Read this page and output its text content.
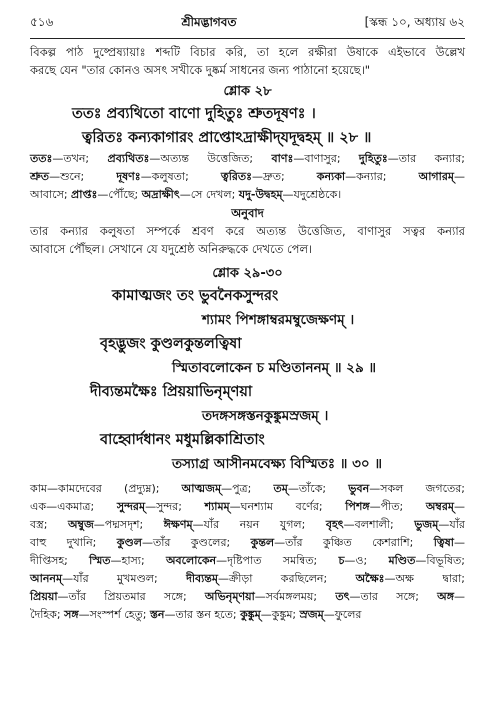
৫১৬	শ্রীমদ্ভাগবত	[স্কন্ধ ১০, অধ্যায় ৬২

বিকল্প পাঠ দুষ্প্রেষ্যায়াঃ শব্দটি বিচার করি, তা হলে রক্ষীরা উষাকে এইভাবে উল্লেখ

করছে যেন "তার কোনও অসৎ সখীকে দুষ্কর্ম সাধনের জন্য পাঠানো হয়েছে।"

শ্লোক ২৮

ততঃ প্রব্যথিতো বাণো দুহিতুঃ শ্রুতদূষণঃ ।

ত্বরিতঃ কন্যকাগারং প্রাপ্তোঽদ্রাক্ষীদ্‌যদূদ্বহম্‌ ॥ ২৮ ॥

ততঃ—তখন; প্রব্যথিতঃ—অত্যন্ত উত্তেজিত; বাণঃ—বাণাসুর; দুহিতুঃ—তার কন্যার;

শ্রুত—শুনে; দূষণঃ—কলুষতা; ত্বরিতঃ—দ্রুত; কন্যকা—কন্যার; আগারম্‌—

আবাসে; প্রাপ্তঃ—পৌঁছে; অদ্রাক্ষীৎ—সে দেখল; যদু-উদ্বহম্‌—যদুশ্রেষ্ঠকে।

অনুবাদ

তার কন্যার কলুষতা সম্পর্কে শ্রবণ করে অত্যন্ত উত্তেজিত, বাণাসুর সত্বর কন্যার

আবাসে পৌঁছল। সেখানে যে যদুশ্রেষ্ঠ অনিরুদ্ধকে দেখতে পেল।

শ্লোক ২৯-৩০

কামাত্মজং তং ভুবনৈকসুন্দরং

শ্যামং পিশঙ্গাম্বরমম্বুজেক্ষণম্‌ ।

বৃহদ্ভুজং কুণ্ডলকুন্তলত্বিষা

স্মিতাবলোকেন চ মণ্ডিতাননম্‌ ॥ ২৯ ॥

দীব্যন্তমক্ষৈঃ প্রিয়য়াভিনৃম্‌ণয়া

তদঙ্গসঙ্গস্তনকুঙ্কুমস্রজম্‌ ।

বাহ্বোর্দধানং মধুমল্লিকাশ্রিতাং

তস্যাগ্র আসীনমবেক্ষ্য বিস্মিতঃ ॥ ৩০ ॥

কাম—কামদেবের (প্রদ্যুম্ন); আত্মজম্‌—পুত্র; তম্‌—তাঁকে; ভুবন—সকল জগতের;

এক—একমাত্র; সুন্দরম্‌—সুন্দর; শ্যামম্‌—ঘনশ্যাম বর্ণের; পিশঙ্গ—পীত; অম্বরম্‌—

বস্ত্র; অম্বুজ—পদ্মসদৃশ; ঈক্ষণম্‌—যাঁর নয়ন যুগল; বৃহৎ—বলশালী; ভুজম্‌—যাঁর

বাহু দুখানি; কুণ্ডল—তাঁর কুণ্ডলের; কুন্তল—তাঁর কুঞ্চিত কেশরাশি; ত্বিষা—

দীপ্তিসহ; স্মিত—হাস্য; অবলোকেন—দৃষ্টিপাত সমন্বিত; চ—ও; মণ্ডিত—বিভূষিত;

আননম্‌—যাঁর মুখমণ্ডল; দীব্যন্তম্‌—ক্রীড়া করছিলেন; অক্ষৈঃ—অক্ষ দ্বারা;

প্রিয়য়া—তাঁর প্রিয়তমার সঙ্গে; অভিনৃম্‌ণয়া—সর্বমঙ্গলময়; তৎ—তার সঙ্গে; অঙ্গ—

দৈহিক; সঙ্গ—সংস্পর্শ হেতু; স্তন—তার স্তন হতে; কুঙ্কুম্‌—কুঙ্কুম; স্রজম্‌—ফুলের
